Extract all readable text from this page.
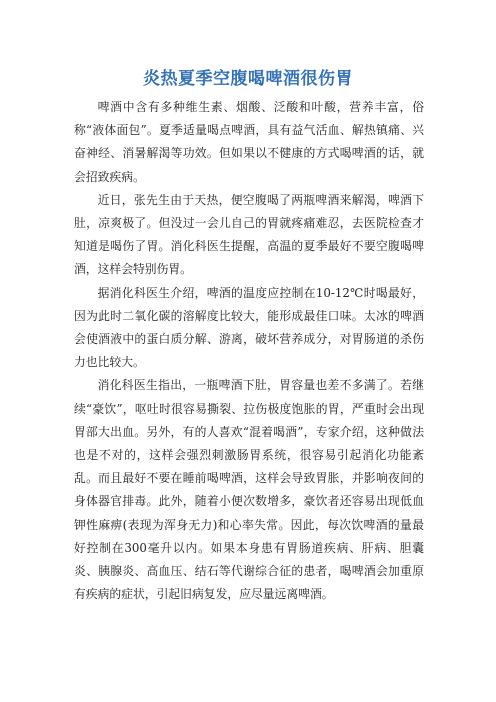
炎热夏季空腹喝啤酒很伤胃

啤酒中含有多种维生素、烟酸、泛酸和叶酸，营养丰富，俗称“液体面包”。夏季适量喝点啤酒，具有益气活血、解热镇痛、兴奋神经、消暑解渴等功效。但如果以不健康的方式喝啤酒的话，就会招致疾病。

近日，张先生由于天热，便空腹喝了两瓶啤酒来解渴，啤酒下肚，凉爽极了。但没过一会儿自己的胃就疼痛难忍，去医院检查才知道是喝伤了胃。消化科医生提醒，高温的夏季最好不要空腹喝啤酒，这样会特别伤胃。

据消化科医生介绍，啤酒的温度应控制在10-12℃时喝最好，因为此时二氧化碳的溶解度比较大，能形成最佳口味。太冰的啤酒会使酒液中的蛋白质分解、游离，破坏营养成分，对胃肠道的杀伤力也比较大。

消化科医生指出，一瓶啤酒下肚，胃容量也差不多满了。若继续“豪饮”，呕吐时很容易撕裂、拉伤极度饱胀的胃，严重时会出现胃部大出血。另外，有的人喜欢“混着喝酒”，专家介绍，这种做法也是不对的，这样会强烈刺激肠胃系统，很容易引起消化功能紊乱。而且最好不要在睡前喝啤酒，这样会导致胃胀，并影响夜间的身体器官排毒。此外，随着小便次数增多，豪饮者还容易出现低血钾性麻痹(表现为浑身无力)和心率失常。因此，每次饮啤酒的量最好控制在300毫升以内。如果本身患有胃肠道疾病、肝病、胆囊炎、胰腺炎、高血压、结石等代谢综合征的患者，喝啤酒会加重原有疾病的症状，引起旧病复发，应尽量远离啤酒。
